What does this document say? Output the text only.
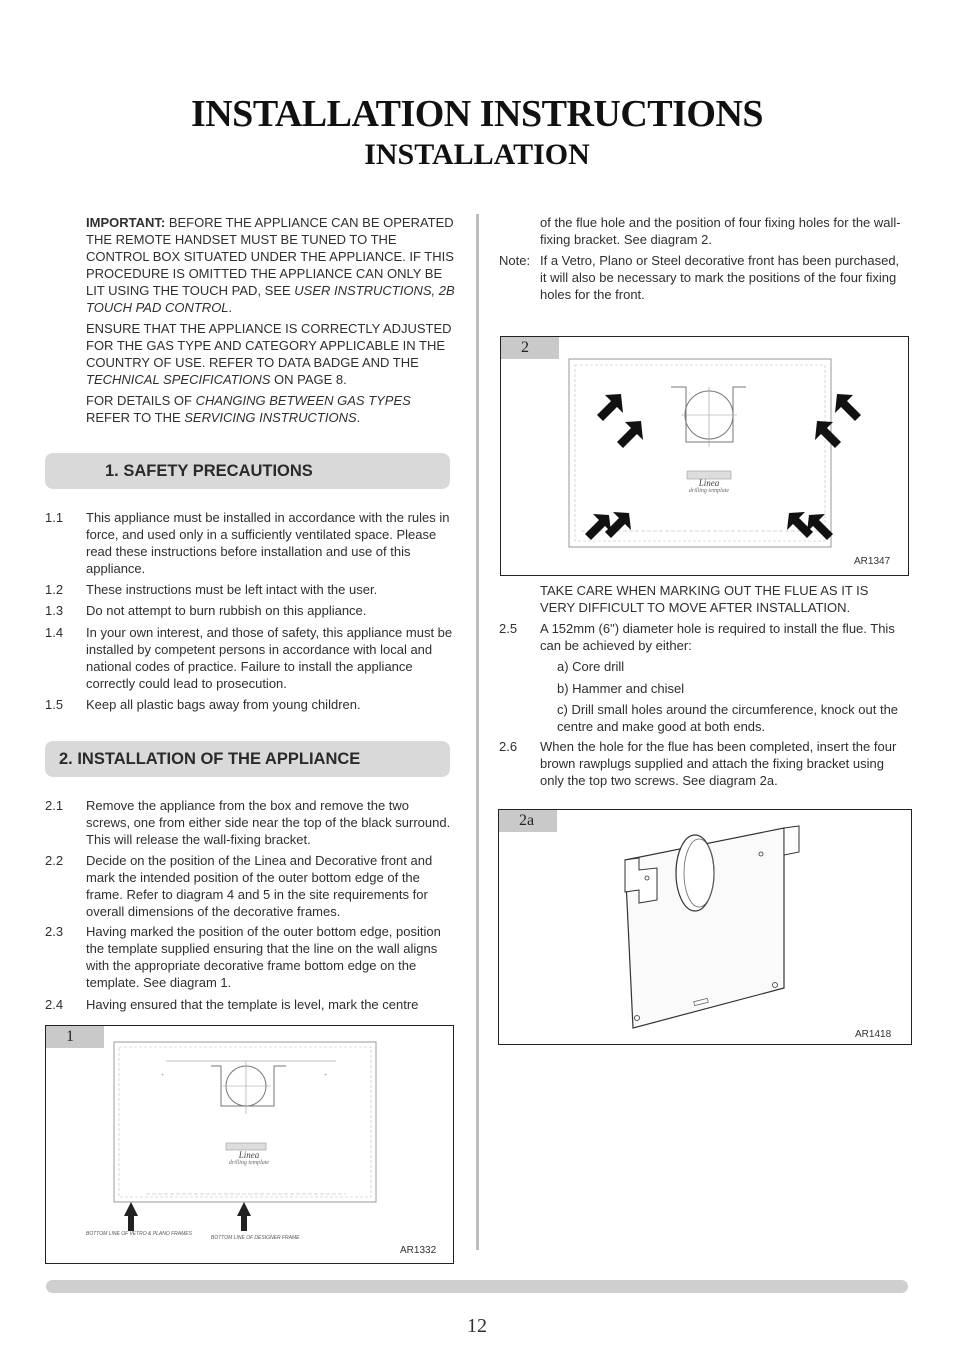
INSTALLATION INSTRUCTIONS
INSTALLATION

IMPORTANT: BEFORE THE APPLIANCE CAN BE OPERATED THE REMOTE HANDSET MUST BE TUNED TO THE CONTROL BOX SITUATED UNDER THE APPLIANCE. IF THIS PROCEDURE IS OMITTED THE APPLIANCE CAN ONLY BE LIT USING THE TOUCH PAD, SEE USER INSTRUCTIONS, 2B TOUCH PAD CONTROL.

ENSURE THAT THE APPLIANCE IS CORRECTLY ADJUSTED FOR THE GAS TYPE AND CATEGORY APPLICABLE IN THE COUNTRY OF USE. REFER TO DATA BADGE AND THE TECHNICAL SPECIFICATIONS ON PAGE 8.

FOR DETAILS OF CHANGING BETWEEN GAS TYPES REFER TO THE SERVICING INSTRUCTIONS.

1. SAFETY PRECAUTIONS
1.1	This appliance must be installed in accordance with the rules in force, and used only in a sufficiently ventilated space. Please read these instructions before installation and use of this appliance.
1.2	These instructions must be left intact with the user.
1.3	Do not attempt to burn rubbish on this appliance.
1.4	In your own interest, and those of safety, this appliance must be installed by competent persons in accordance with local and national codes of practice. Failure to install the appliance correctly could lead to prosecution.
1.5	Keep all plastic bags away from young children.
2. INSTALLATION OF THE APPLIANCE
2.1	Remove the appliance from the box and remove the two screws, one from either side near the top of the black surround. This will release the wall-fixing bracket.
2.2	Decide on the position of the Linea and Decorative front and mark the intended position of the outer bottom edge of the frame. Refer to diagram 4 and 5 in the site requirements for overall dimensions of the decorative frames.
2.3	Having marked the position of the outer bottom edge, position the template supplied ensuring that the line on the wall aligns with the appropriate decorative frame bottom edge on the template. See diagram 1.
2.4	Having ensured that the template is level, mark the centre
1
+	+
Linea
drilling template
BOTTOM LINE OF VETRO & PLANO FRAMES
BOTTOM LINE OF DESIGNER FRAME
AR1332
of the flue hole and the position of four fixing holes for the wall-fixing bracket. See diagram 2.
Note: If a Vetro, Plano or Steel decorative front has been purchased, it will also be necessary to mark the positions of the four fixing holes for the front.
2
Linea
drilling template
AR1347
TAKE CARE WHEN MARKING OUT THE FLUE AS IT IS VERY DIFFICULT TO MOVE AFTER INSTALLATION.
2.5	A 152mm (6") diameter hole is required to install the flue. This can be achieved by either:
a) Core drill
b) Hammer and chisel
c) Drill small holes around the circumference, knock out the centre and make good at both ends.
2.6	When the hole for the flue has been completed, insert the four brown rawplugs supplied and attach the fixing bracket using only the top two screws. See diagram 2a.
2a
AR1418
12
